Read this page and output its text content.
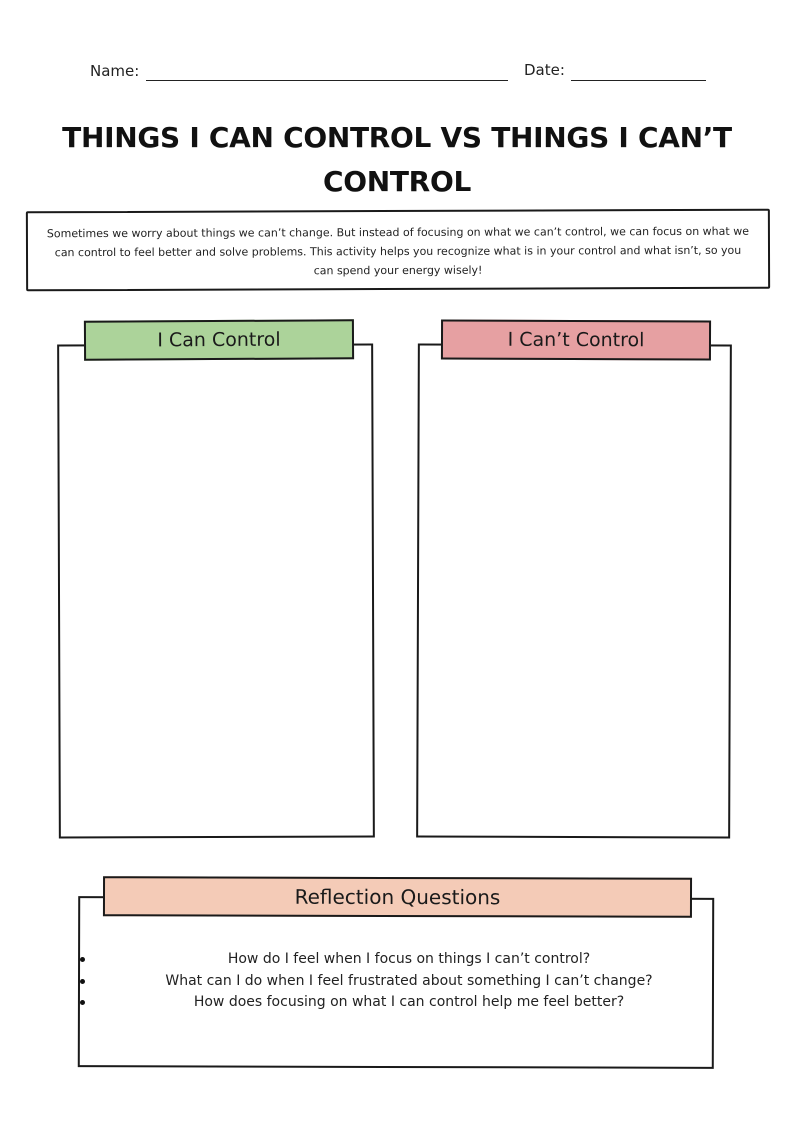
Name:	Date:
THINGS I CAN CONTROL VS THINGS I CAN’T CONTROL
Sometimes we worry about things we can’t change. But instead of focusing on what we can’t control, we can focus on what we can control to feel better and solve problems. This activity helps you recognize what is in your control and what isn’t, so you can spend your energy wisely!
I Can Control	I Can’t Control
Reflection Questions
How do I feel when I focus on things I can’t control?
What can I do when I feel frustrated about something I can’t change?
How does focusing on what I can control help me feel better?
